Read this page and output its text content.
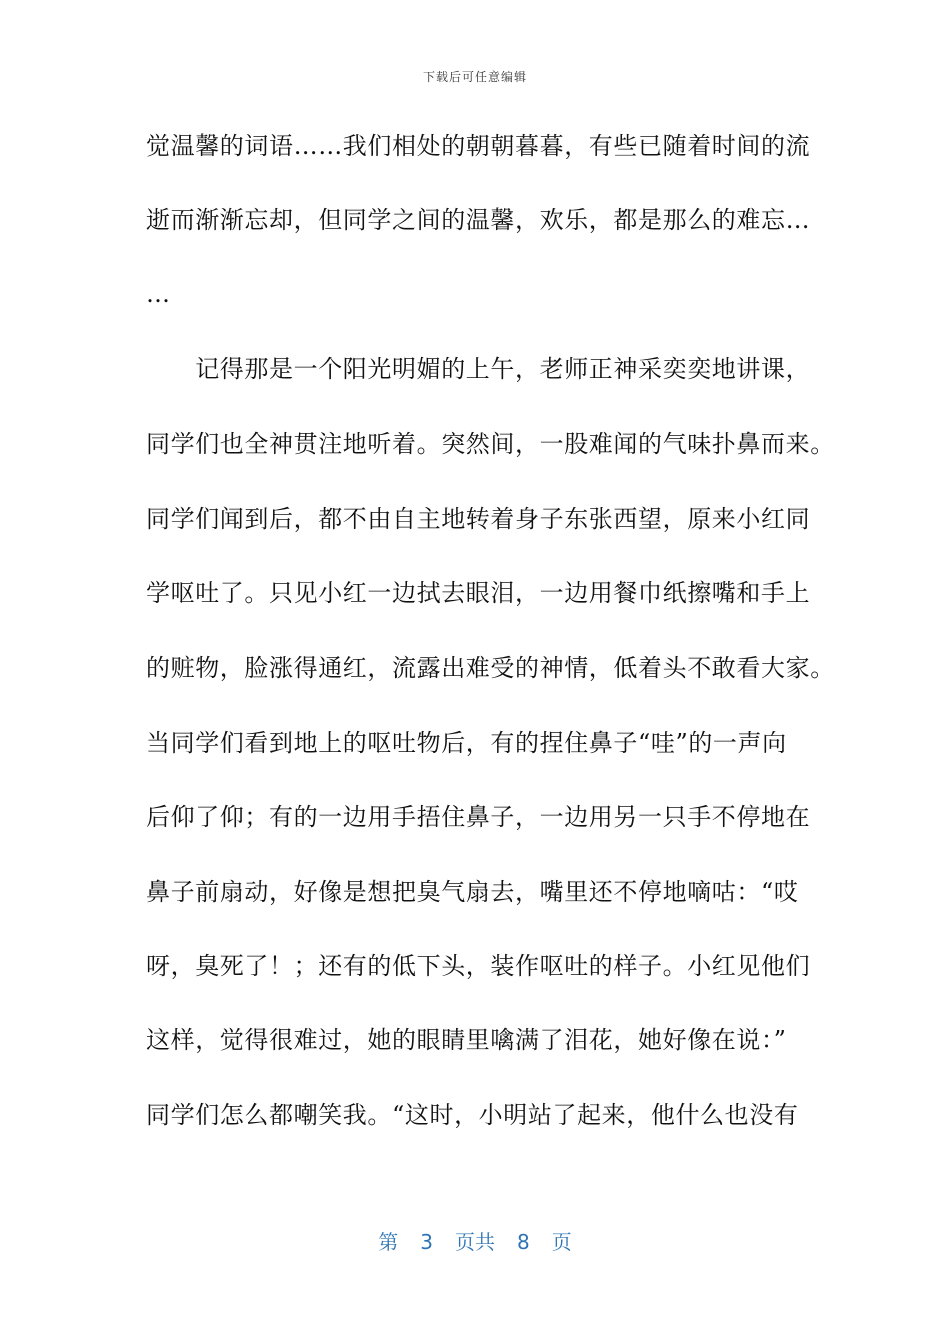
下载后可任意编辑
觉温馨的词语……我们相处的朝朝暮暮，有些已随着时间的流
逝而渐渐忘却，但同学之间的温馨，欢乐，都是那么的难忘…
…
　　记得那是一个阳光明媚的上午，老师正神采奕奕地讲课，
同学们也全神贯注地听着。突然间，一股难闻的气味扑鼻而来。
同学们闻到后，都不由自主地转着身子东张西望，原来小红同
学呕吐了。只见小红一边拭去眼泪，一边用餐巾纸擦嘴和手上
的赃物，脸涨得通红，流露出难受的神情，低着头不敢看大家。
当同学们看到地上的呕吐物后，有的捏住鼻子“哇”的一声向
后仰了仰；有的一边用手捂住鼻子，一边用另一只手不停地在
鼻子前扇动，好像是想把臭气扇去，嘴里还不停地嘀咕：“哎
呀，臭死了！；还有的低下头，装作呕吐的样子。小红见他们
这样，觉得很难过，她的眼睛里噙满了泪花，她好像在说：”
同学们怎么都嘲笑我。“这时，小明站了起来，他什么也没有
第 3 页共 8 页
